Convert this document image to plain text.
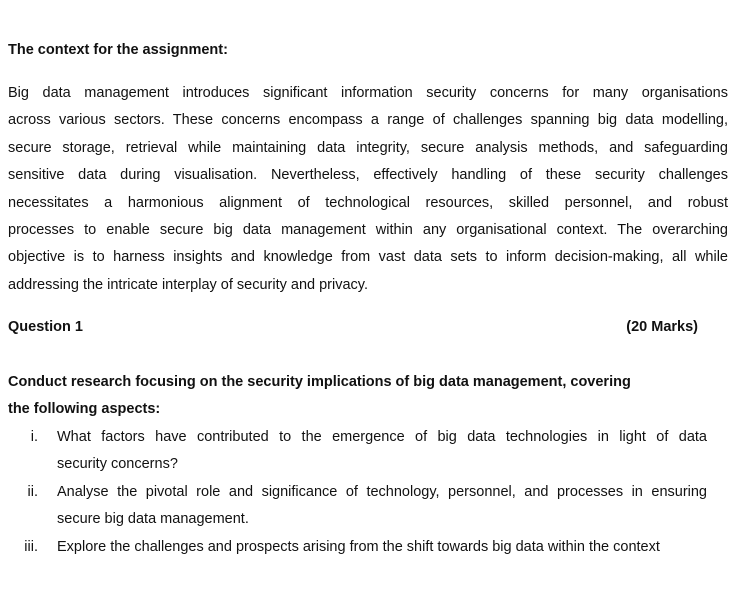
The context for the assignment:
Big data management introduces significant information security concerns for many organisations
across various sectors. These concerns encompass a range of challenges spanning big data modelling,
secure storage, retrieval while maintaining data integrity, secure analysis methods, and safeguarding
sensitive data during visualisation. Nevertheless, effectively handling of these security challenges
necessitates a harmonious alignment of technological resources, skilled personnel, and robust
processes to enable secure big data management within any organisational context. The overarching
objective is to harness insights and knowledge from vast data sets to inform decision-making, all while
addressing the intricate interplay of security and privacy.
Question 1	(20 Marks)
Conduct research focusing on the security implications of big data management, covering
the following aspects:
i. What factors have contributed to the emergence of big data technologies in light of data
security concerns?
ii. Analyse the pivotal role and significance of technology, personnel, and processes in ensuring
secure big data management.
iii. Explore the challenges and prospects arising from the shift towards big data within the context
